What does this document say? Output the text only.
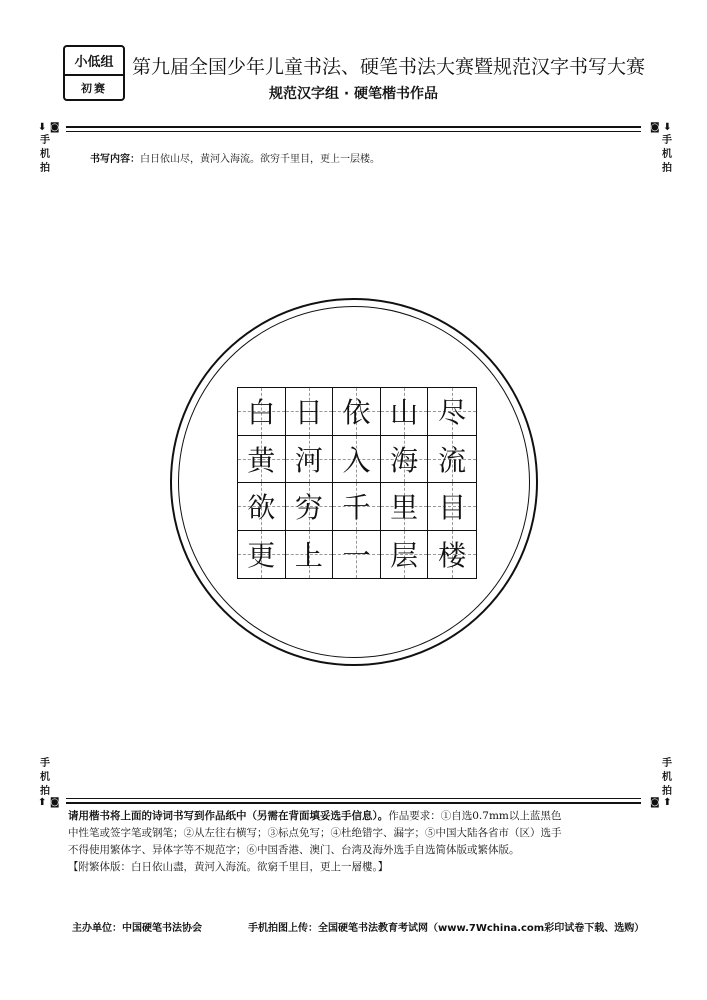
小低组
初赛
第九届全国少年儿童书法、硬笔书法大赛暨规范汉字书写大赛
规范汉字组 · 硬笔楷书作品
⬇ ◙	◙ ⬇
手
机
拍
手
机
拍
书写内容：白日依山尽，黄河入海流。欲穷千里目，更上一层楼。
白 日 依 山 尽
黄 河 入 海 流
欲 穷 千 里 目
更 上 一 层 楼
手
机
拍
手
机
拍
⬆ ◙	◙ ⬆
请用楷书将上面的诗词书写到作品纸中（另需在背面填妥选手信息）。作品要求：①自选0.7mm以上蓝黑色
中性笔或签字笔或钢笔；②从左往右横写；③标点免写；④杜绝错字、漏字；⑤中国大陆各省市（区）选手
不得使用繁体字、异体字等不规范字；⑥中国香港、澳门、台湾及海外选手自选简体版或繁体版。
【附繁体版：白日依山盡，黄河入海流。欲窮千里目，更上一層樓。】
主办单位：中国硬笔书法协会	手机拍图上传：全国硬笔书法教育考试网（www.7Wchina.com彩印试卷下载、选购）
